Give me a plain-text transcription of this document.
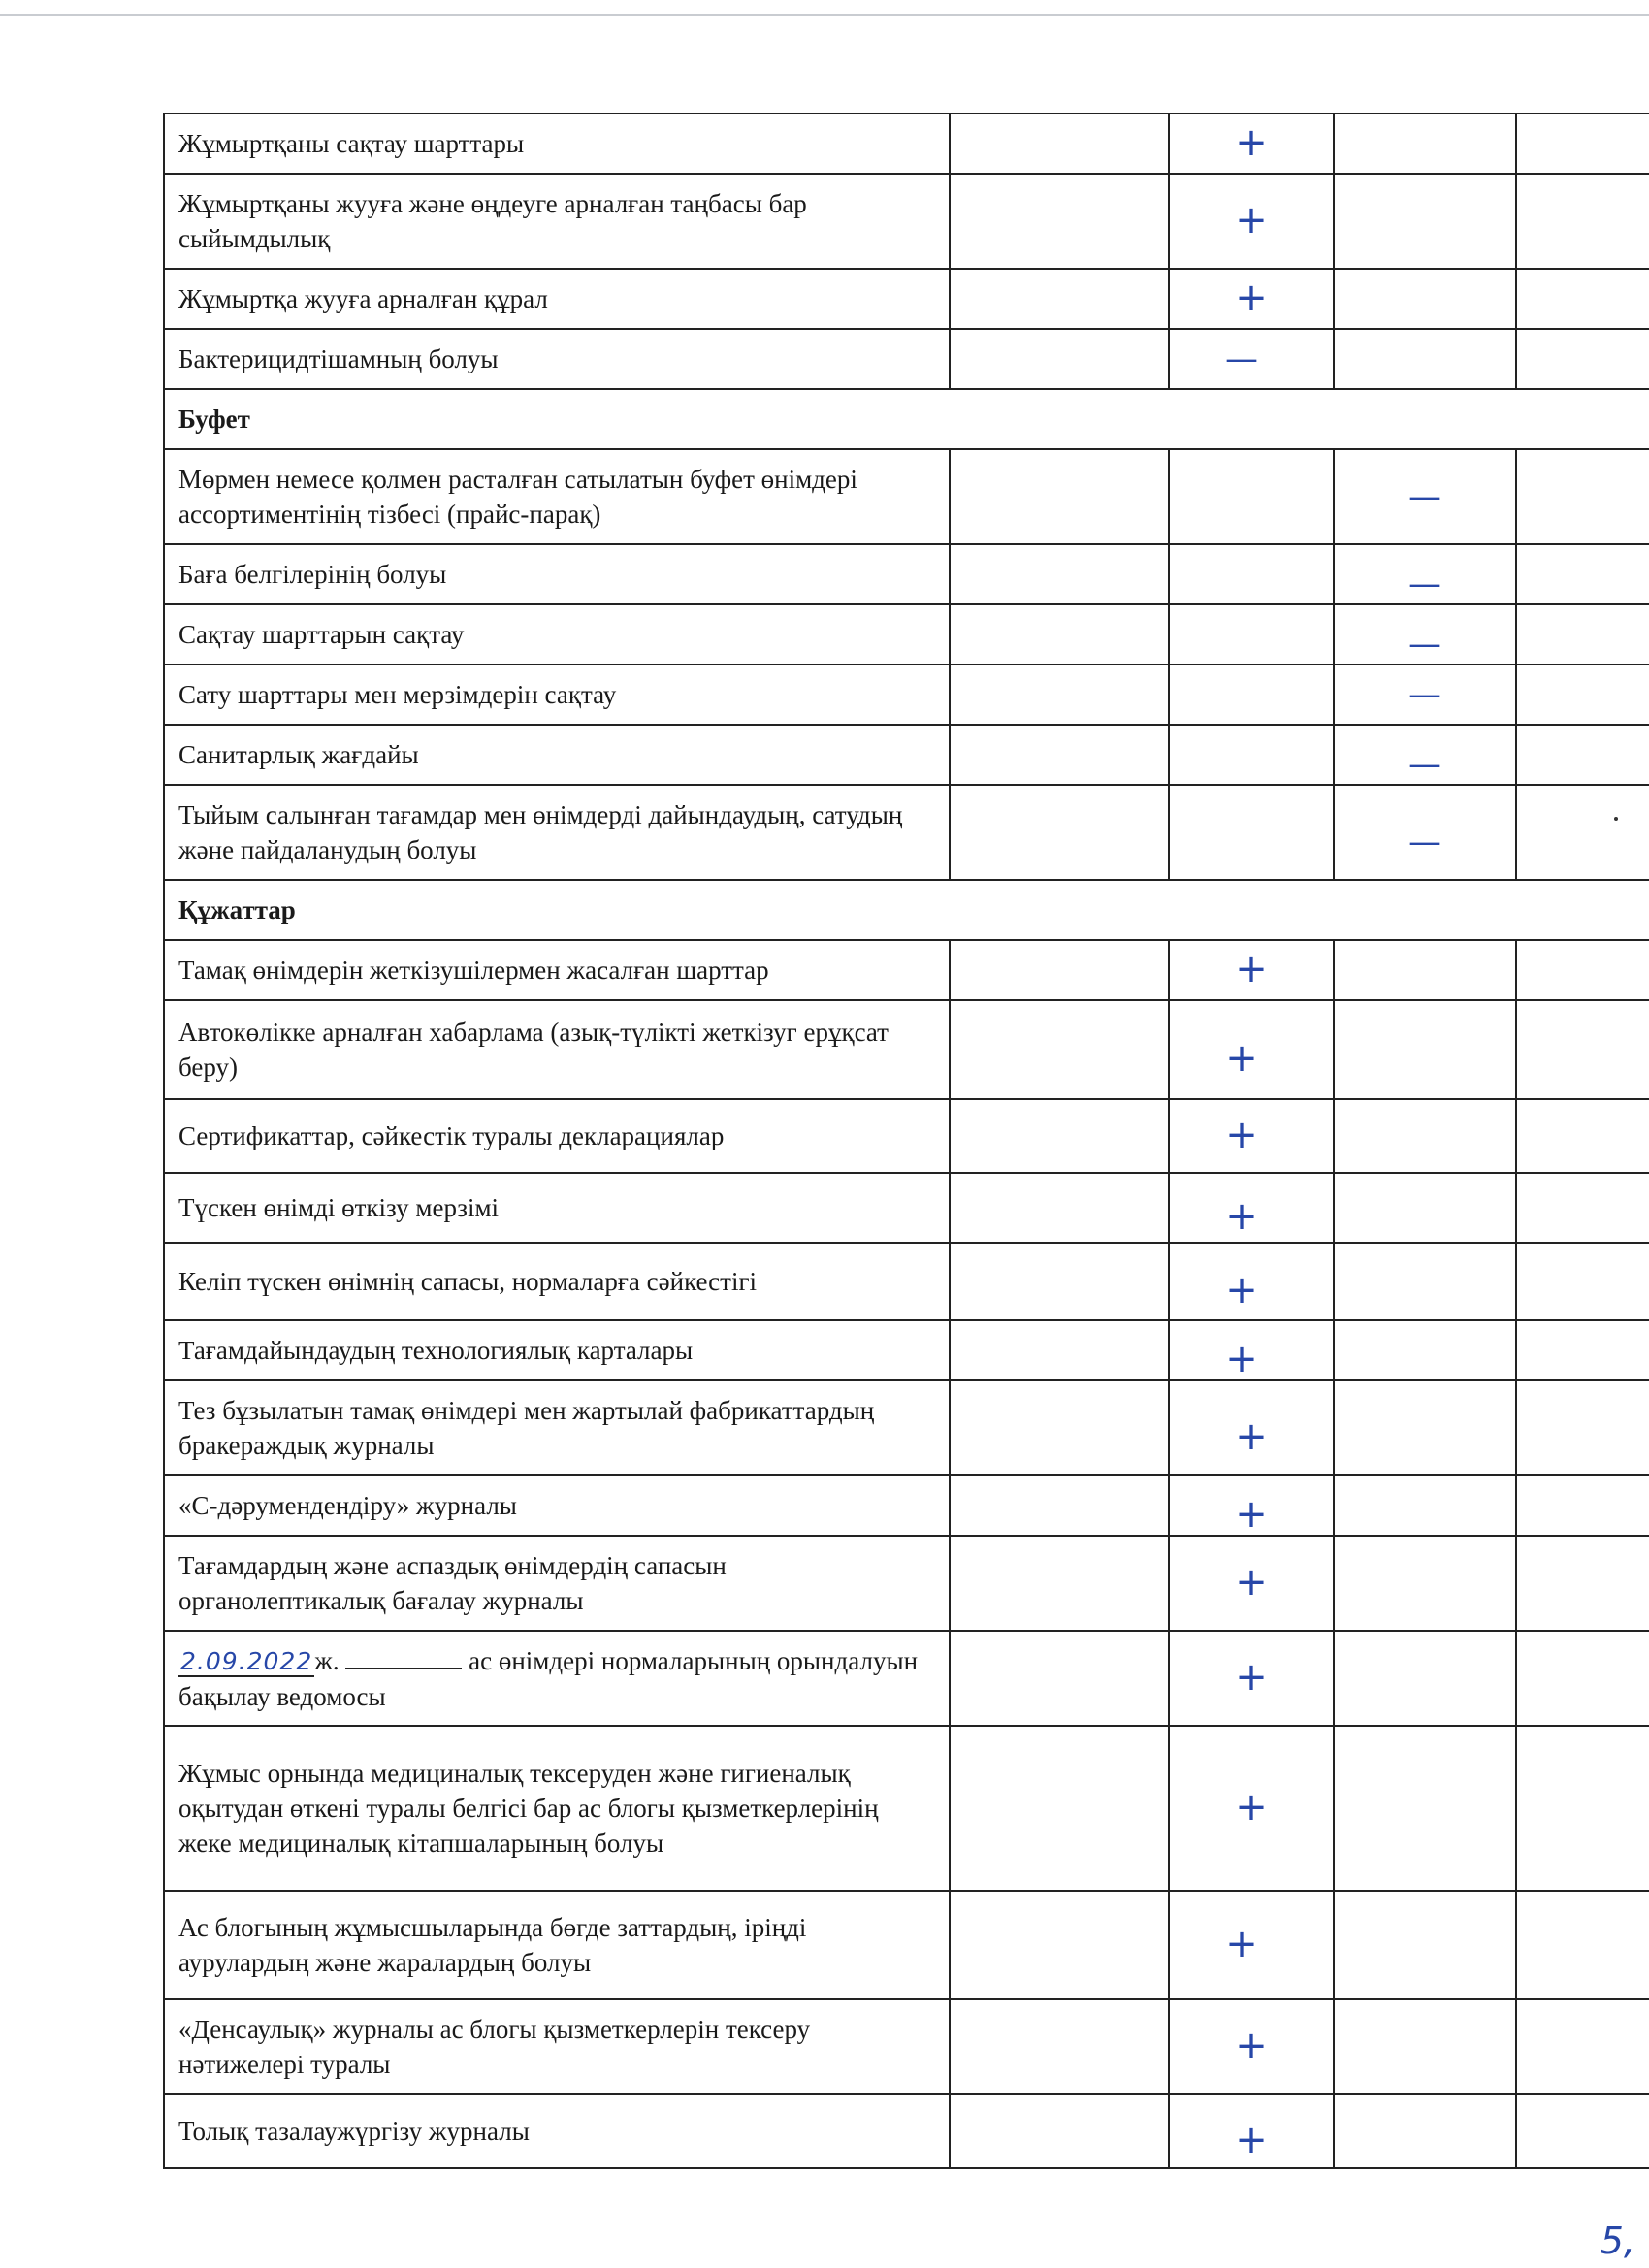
Жұмыртқаны сақтау шарттары		+		
Жұмыртқаны жууға және өңдеуге арналған таңбасы бар сыйымдылық		+		
Жұмыртқа жууға арналған құрал		+		
Бактерицидтішамның болуы		—		
Буфет				
Мөрмен немесе қолмен расталған сатылатын буфет өнімдері ассортиментінің тізбесі (прайс-парақ)			—	
Баға белгілерінің болуы			—	
Сақтау шарттарын сақтау			—	
Сату шарттары мен мерзімдерін сақтау			—	
Санитарлық жағдайы			—	
Тыйым салынған тағамдар мен өнімдерді дайындаудың, сатудың және пайдаланудың болуы			—	
Құжаттар				
Тамақ өнімдерін жеткізушілермен жасалған шарттар		+		
Автокөлікке арналған хабарлама (азық-түлікті жеткізуг ерұқсат беру)		+		
Сертификаттар, сәйкестік туралы декларациялар		+		
Түскен өнімді өткізу мерзімі		+		
Келіп түскен өнімнің сапасы, нормаларға сәйкестігі		+		
Тағамдайындаудың технологиялық карталары		+		
Тез бұзылатын тамақ өнімдері мен жартылай фабрикаттардың бракераждық журналы		+		
«С-дәрумендендіру» журналы		+		
Тағамдардың және аспаздық өнімдердің сапасын органолептикалық бағалау журналы		+		
2.09.2022ж. ас өнімдері нормаларының орындалуын бақылау ведомосы		+		
Жұмыс орнында медициналық тексеруден және гигиеналық оқытудан өткені туралы белгісі бар ас блогы қызметкерлерінің жеке медициналық кітапшаларының болуы		+		
Ас блогының жұмысшыларында бөгде заттардың, іріңді аурулардың және жаралардың болуы		+		
«Денсаулық» журналы ас блогы қызметкерлерін тексеру нәтижелері туралы		+		
Толық тазалаужүргізу журналы		+		
5,
